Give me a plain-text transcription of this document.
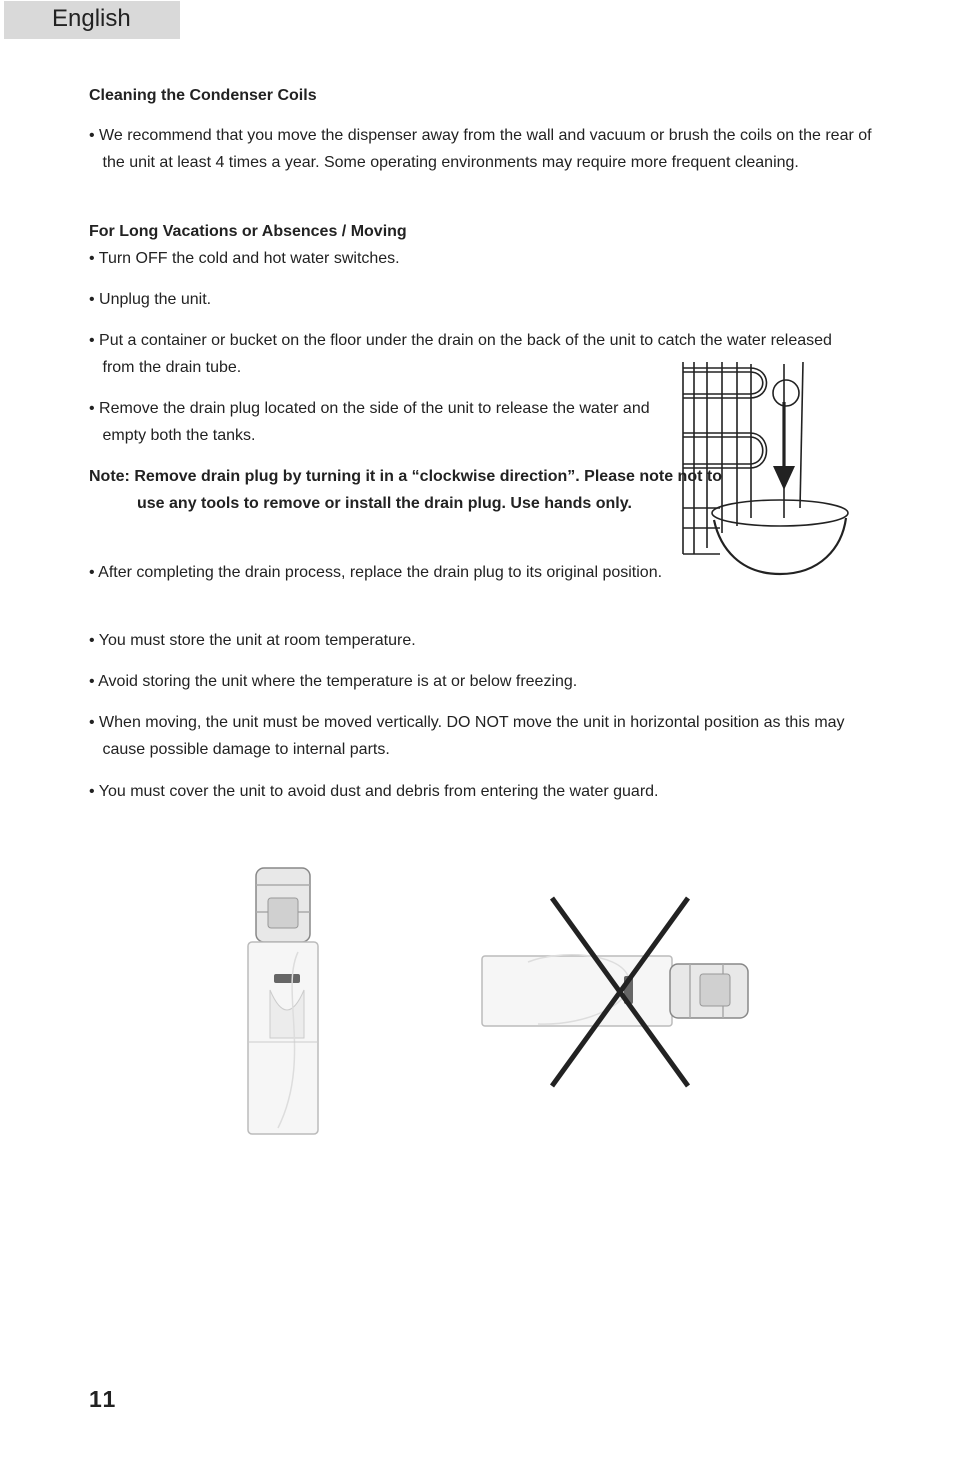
English
Cleaning the Condenser Coils
• We recommend that you move the dispenser away from the wall and vacuum or brush the coils on the rear of the unit at least 4 times a year. Some operating environments may require more frequent cleaning.
For Long Vacations or Absences / Moving
• Turn OFF the cold and hot water switches.
• Unplug the unit.
• Put a container or bucket on the floor under the drain on the back of the unit to catch the water released from the drain tube.
• Remove the drain plug located on the side of the unit to release the water and empty both the tanks.
Note: Remove drain plug by turning it in a “clockwise direction”. Please note not to use any tools to remove or install the drain plug. Use hands only.
• After completing the drain process, replace the drain plug to its original position.
• You must store the unit at room temperature.
• Avoid storing the unit where the temperature is at or below freezing.
• When moving, the unit must be moved vertically. DO NOT move the unit in horizontal position as this may cause possible damage to internal parts.
• You must cover the unit to avoid dust and debris from entering the water guard.
11
